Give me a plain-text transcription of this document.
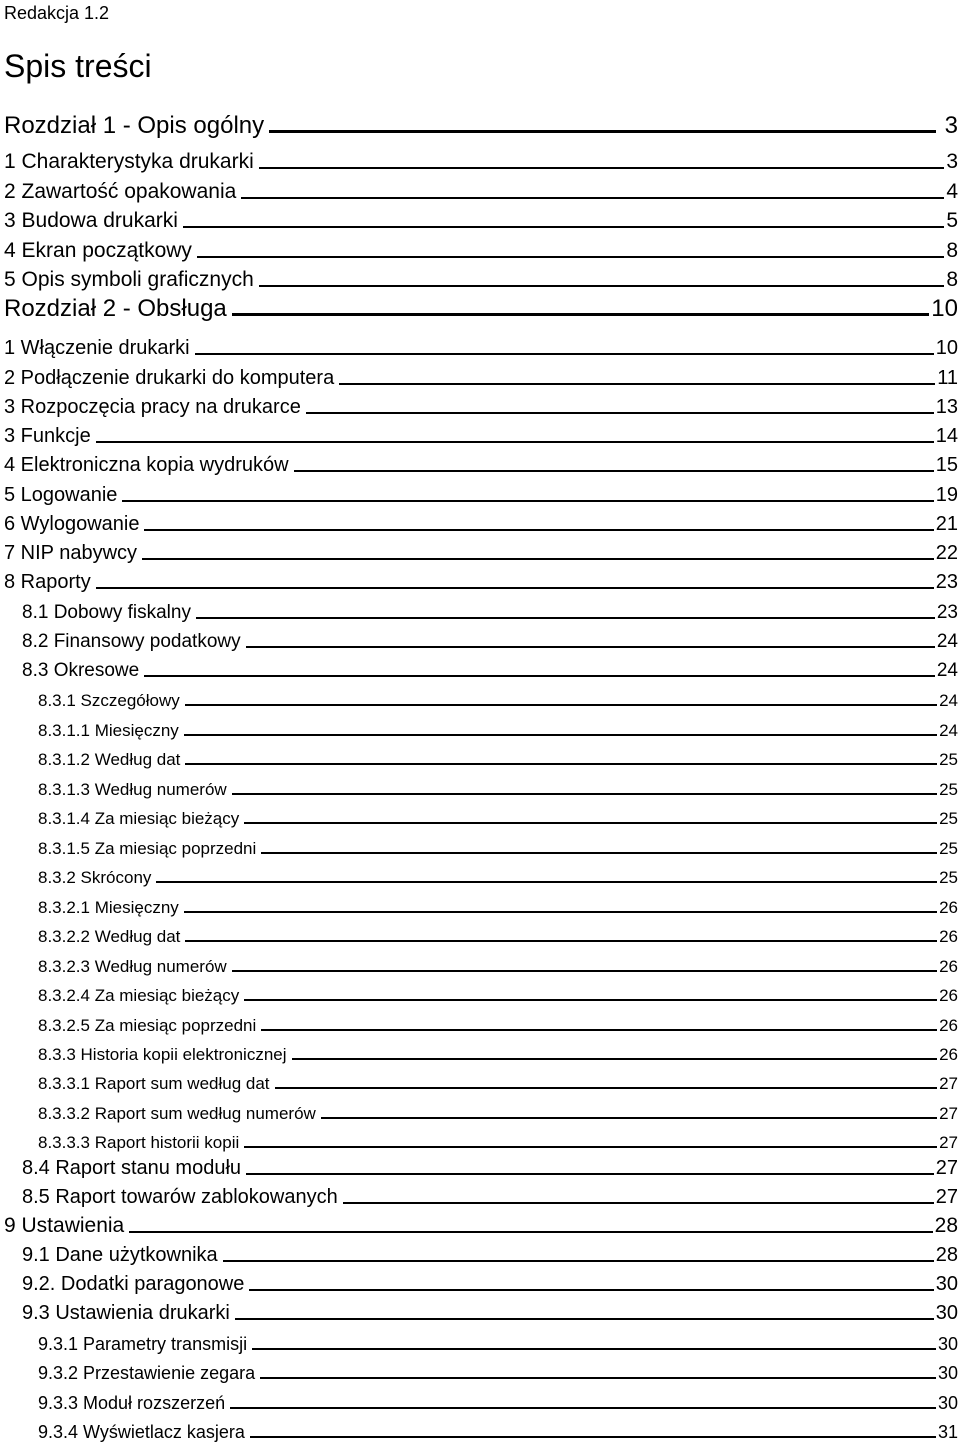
Redakcja 1.2
Spis treści
Rozdział 1 - Opis ogólny	3
1 Charakterystyka drukarki	3
2 Zawartość opakowania	4
3 Budowa drukarki	5
4 Ekran początkowy	8
5 Opis symboli graficznych	8
Rozdział 2 - Obsługa	10
1 Włączenie drukarki	10
2 Podłączenie drukarki do komputera	11
3 Rozpoczęcia pracy na drukarce	13
3 Funkcje	14
4 Elektroniczna kopia wydruków	15
5 Logowanie	19
6 Wylogowanie	21
7 NIP nabywcy	22
8 Raporty	23
8.1 Dobowy fiskalny	23
8.2 Finansowy podatkowy	24
8.3 Okresowe	24
8.3.1 Szczegółowy	24
8.3.1.1 Miesięczny	24
8.3.1.2 Według dat	25
8.3.1.3 Według numerów	25
8.3.1.4 Za miesiąc bieżący	25
8.3.1.5 Za miesiąc poprzedni	25
8.3.2 Skrócony	25
8.3.2.1 Miesięczny	26
8.3.2.2 Według dat	26
8.3.2.3 Według numerów	26
8.3.2.4 Za miesiąc bieżący	26
8.3.2.5 Za miesiąc poprzedni	26
8.3.3 Historia kopii elektronicznej	26
8.3.3.1 Raport sum według dat	27
8.3.3.2 Raport sum według numerów	27
8.3.3.3 Raport historii kopii	27
8.4 Raport stanu modułu	27
8.5 Raport towarów zablokowanych	27
9 Ustawienia	28
9.1 Dane użytkownika	28
9.2. Dodatki paragonowe	30
9.3 Ustawienia drukarki	30
9.3.1 Parametry transmisji	30
9.3.2 Przestawienie zegara	30
9.3.3 Moduł rozszerzeń	30
9.3.4 Wyświetlacz kasjera	31
